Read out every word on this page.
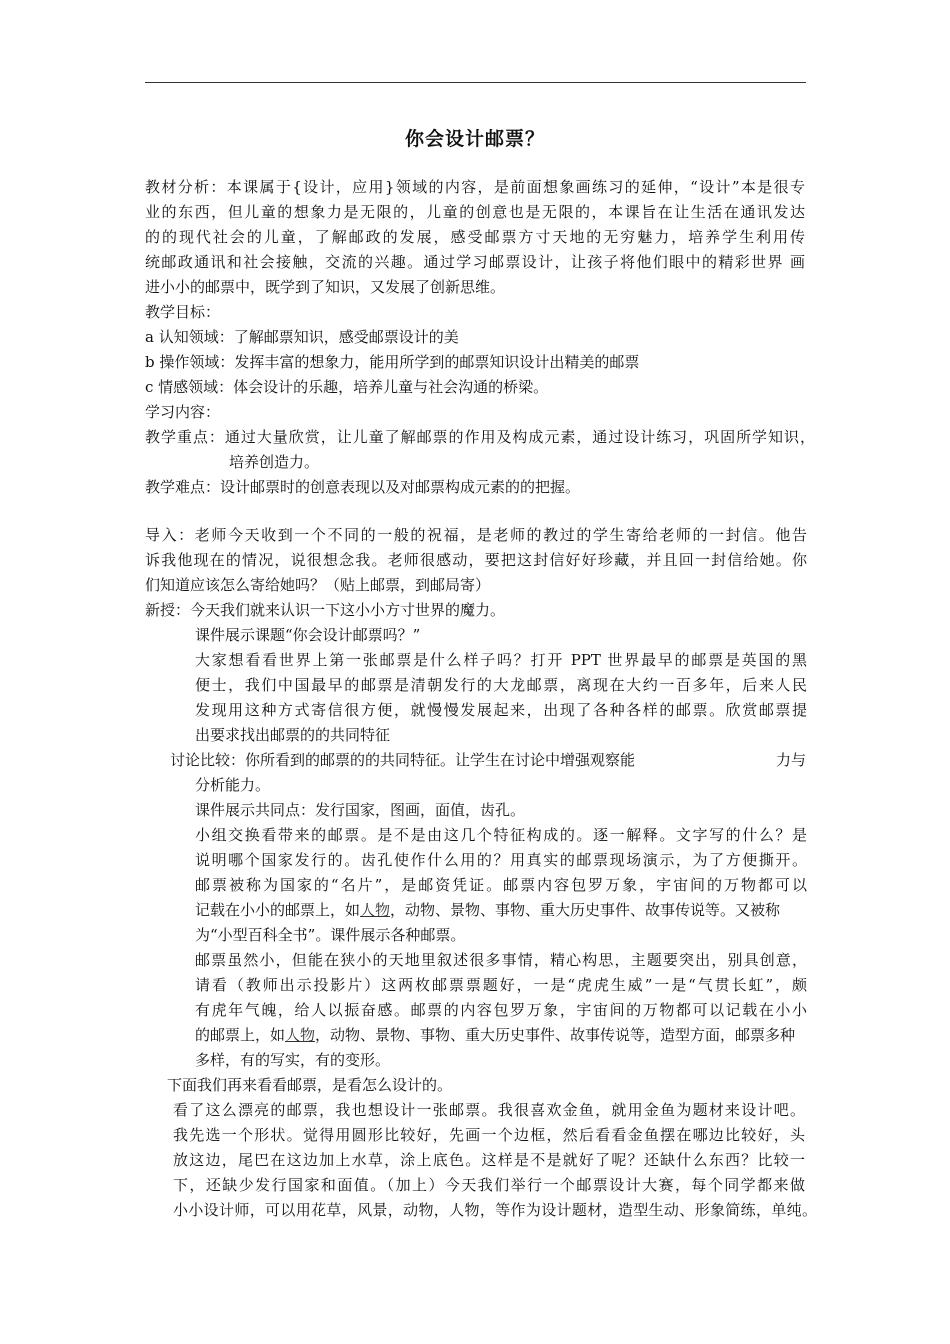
你会设计邮票？
教材分析：本课属于{设计，应用}领域的内容，是前面想象画练习的延伸，“设计”本是很专
业的东西，但儿童的想象力是无限的，儿童的创意也是无限的，本课旨在让生活在通讯发达
的的现代社会的儿童，了解邮政的发展，感受邮票方寸天地的无穷魅力，培养学生利用传
统邮政通讯和社会接触，交流的兴趣。通过学习邮票设计，让孩子将他们眼中的精彩世界 画
进小小的邮票中，既学到了知识，又发展了创新思维。
教学目标：
a 认知领域：了解邮票知识，感受邮票设计的美
b 操作领域：发挥丰富的想象力，能用所学到的邮票知识设计出精美的邮票
c 情感领域：体会设计的乐趣，培养儿童与社会沟通的桥梁。
学习内容：
教学重点：通过大量欣赏，让儿童了解邮票的作用及构成元素，通过设计练习，巩固所学知识，
培养创造力。
教学难点：设计邮票时的创意表现以及对邮票构成元素的的把握。
导入：老师今天收到一个不同的一般的祝福，是老师的教过的学生寄给老师的一封信。他告
诉我他现在的情况，说很想念我。老师很感动，要把这封信好好珍藏，并且回一封信给她。你
们知道应该怎么寄给她吗？（贴上邮票，到邮局寄）
新授：今天我们就来认识一下这小小方寸世界的魔力。
课件展示课题“你会设计邮票吗？”
大家想看看世界上第一张邮票是什么样子吗？打开 PPT 世界最早的邮票是英国的黑
便士，我们中国最早的邮票是清朝发行的大龙邮票，离现在大约一百多年，后来人民
发现用这种方式寄信很方便，就慢慢发展起来，出现了各种各样的邮票。欣赏邮票提
出要求找出邮票的的共同特征
讨论比较：你所看到的邮票的的共同特征。让学生在讨论中增强观察能	力与
分析能力。
课件展示共同点：发行国家，图画，面值，齿孔。
小组交换看带来的邮票。是不是由这几个特征构成的。逐一解释。文字写的什么？是
说明哪个国家发行的。齿孔使作什么用的？用真实的邮票现场演示，为了方便撕开。
邮票被称为国家的“名片”，是邮资凭证。邮票内容包罗万象，宇宙间的万物都可以
记载在小小的邮票上，如人物，动物、景物、事物、重大历史事件、故事传说等。又被称
为“小型百科全书”。课件展示各种邮票。
邮票虽然小，但能在狭小的天地里叙述很多事情，精心构思，主题要突出，别具创意，
请看（教师出示投影片）这两枚邮票票题好，一是“虎虎生威”一是“气贯长虹”，颇
有虎年气魄，给人以振奋感。邮票的内容包罗万象，宇宙间的万物都可以记载在小小
的邮票上，如人物，动物、景物、事物、重大历史事件、故事传说等，造型方面，邮票多种
多样，有的写实，有的变形。
下面我们再来看看邮票，是看怎么设计的。
看了这么漂亮的邮票，我也想设计一张邮票。我很喜欢金鱼，就用金鱼为题材来设计吧。
我先选一个形状。觉得用圆形比较好，先画一个边框，然后看看金鱼摆在哪边比较好，头
放这边，尾巴在这边加上水草，涂上底色。这样是不是就好了呢？还缺什么东西？比较一
下，还缺少发行国家和面值。（加上）今天我们举行一个邮票设计大赛，每个同学都来做
小小设计师，可以用花草，风景，动物，人物，等作为设计题材，造型生动、形象简练，单纯。
